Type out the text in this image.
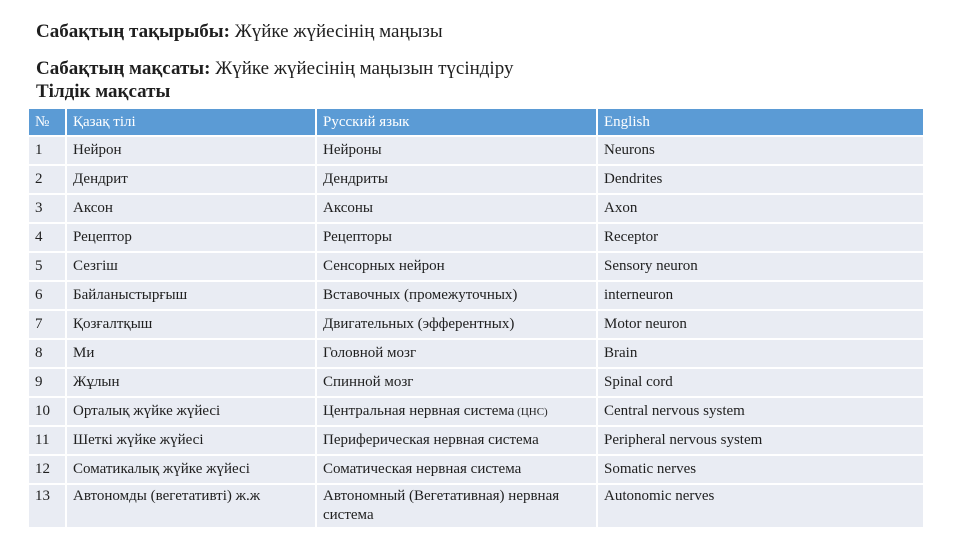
Сабақтың тақырыбы: Жүйке жүйесінің маңызы
Сабақтың мақсаты: Жүйке жүйесінің маңызын түсіндіру
Тілдік мақсаты
№	Қазақ тілі	Русский язык	English
1	Нейрон	Нейроны	Neurons
2	Дендрит	Дендриты	Dendrites
3	Аксон	Аксоны	Axon
4	Рецептор	Рецепторы	Receptor
5	Сезгіш	Сенсорных нейрон	Sensory neuron
6	Байланыстырғыш	Вставочных (промежуточных)	interneuron
7	Қозғалтқыш	Двигательных (эфферентных)	Motor neuron
8	Ми	Головной мозг	Brain
9	Жұлын	Спинной мозг	Spinal cord
10	Орталық жүйке жүйесі	Центральная нервная система (ЦНС)	Central nervous system
11	Шеткі жүйке жүйесі	Периферическая нервная система	Peripheral nervous system
12	Соматикалық жүйке жүйесі	Соматическая нервная система	Somatic nerves
13	Автономды (вегетативті) ж.ж	Автономный (Вегетативная) нервная система	Autonomic nerves
